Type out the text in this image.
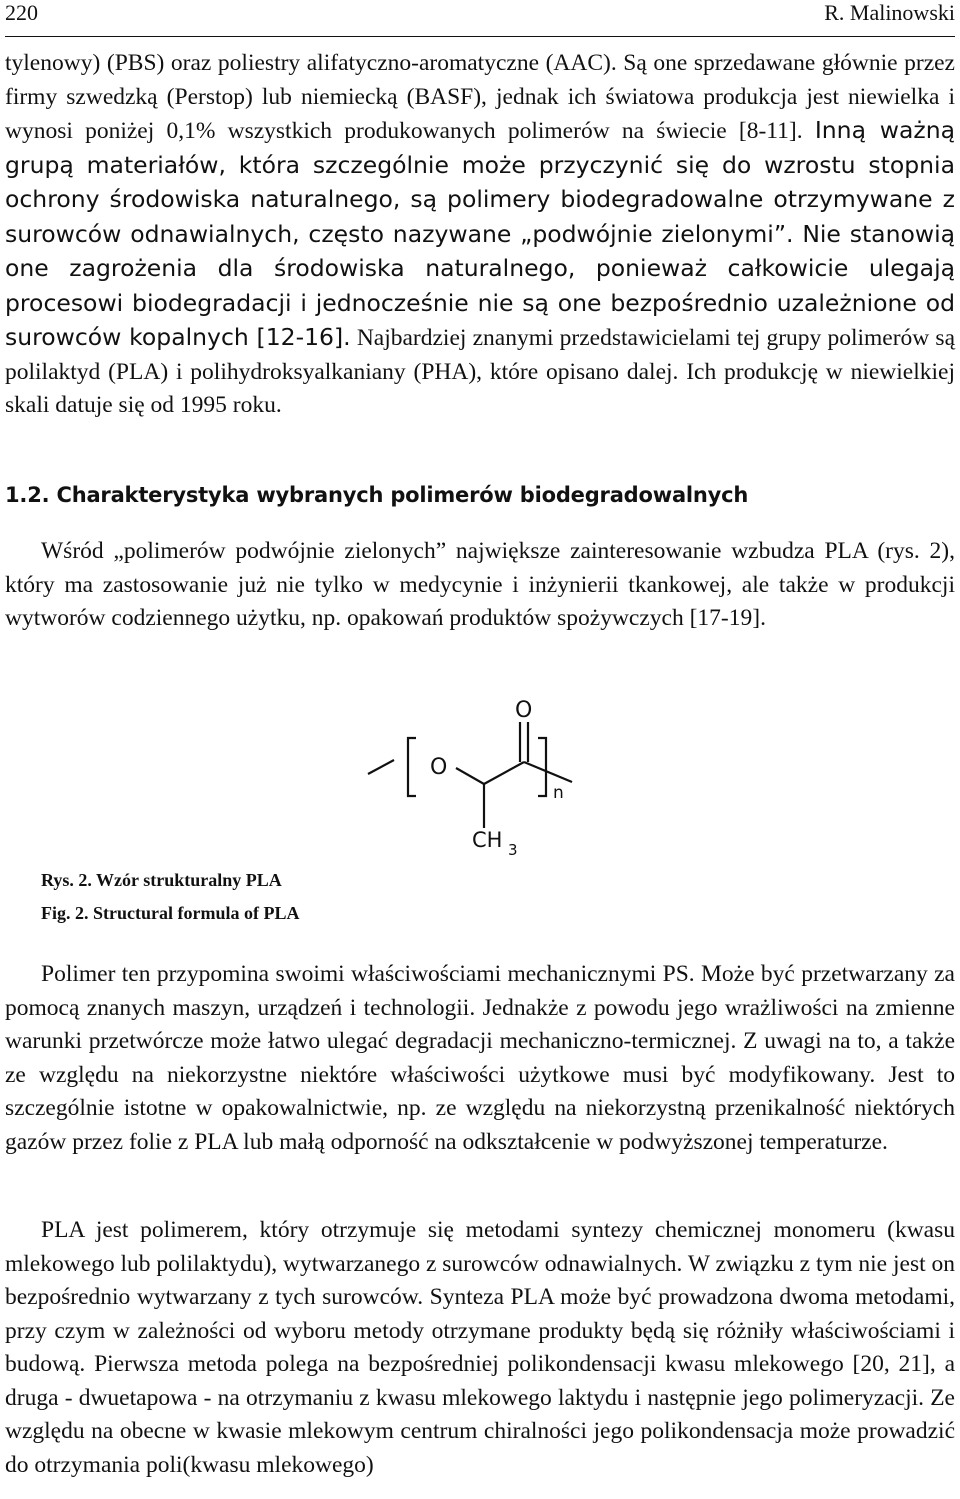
220	R. Malinowski

tylenowy) (PBS) oraz poliestry alifatyczno-aromatyczne (AAC). Są one sprzedawane głównie przez firmy szwedzką (Perstop) lub niemiecką (BASF), jednak ich światowa produkcja jest niewielka i wynosi poniżej 0,1% wszystkich produkowanych polimerów na świecie [8-11]. Inną ważną grupą materiałów, która szczególnie może przyczynić się do wzrostu stopnia ochrony środowiska naturalnego, są polimery biodegradowalne otrzymywane z surowców odnawialnych, często nazywane „podwójnie zielonymi”. Nie stanowią one zagrożenia dla środowiska naturalnego, ponieważ całkowicie ulegają procesowi biodegradacji i jednocześnie nie są one bezpośrednio uzależnione od surowców kopalnych [12-16]. Najbardziej znanymi przedstawicielami tej grupy polimerów są polilaktyd (PLA) i polihydroksyalkaniany (PHA), które opisano dalej. Ich produkcję w niewielkiej skali datuje się od 1995 roku.

1.2. Charakterystyka wybranych polimerów biodegradowalnych

Wśród „polimerów podwójnie zielonych” największe zainteresowanie wzbudza PLA (rys. 2), który ma zastosowanie już nie tylko w medycynie i inżynierii tkankowej, ale także w produkcji wytworów codziennego użytku, np. opakowań produktów spożywczych [17-19].

O
O
n
CH 3
Rys. 2. Wzór strukturalny PLA
Fig. 2. Structural formula of PLA

Polimer ten przypomina swoimi właściwościami mechanicznymi PS. Może być przetwarzany za pomocą znanych maszyn, urządzeń i technologii. Jednakże z powodu jego wrażliwości na zmienne warunki przetwórcze może łatwo ulegać degradacji mechaniczno-termicznej. Z uwagi na to, a także ze względu na niekorzystne niektóre właściwości użytkowe musi być modyfikowany. Jest to szczególnie istotne w opakowalnictwie, np. ze względu na niekorzystną przenikalność niektórych gazów przez folie z PLA lub małą odporność na odkształcenie w podwyższonej temperaturze.

PLA jest polimerem, który otrzymuje się metodami syntezy chemicznej monomeru (kwasu mlekowego lub polilaktydu), wytwarzanego z surowców odnawialnych. W związku z tym nie jest on bezpośrednio wytwarzany z tych surowców. Synteza PLA może być prowadzona dwoma metodami, przy czym w zależności od wyboru metody otrzymane produkty będą się różniły właściwościami i budową. Pierwsza metoda polega na bezpośredniej polikondensacji kwasu mlekowego [20, 21], a druga - dwuetapowa - na otrzymaniu z kwasu mlekowego laktydu i następnie jego polimeryzacji. Ze względu na obecne w kwasie mlekowym centrum chiralności jego polikondensacja może prowadzić do otrzymania poli(kwasu mlekowego)
